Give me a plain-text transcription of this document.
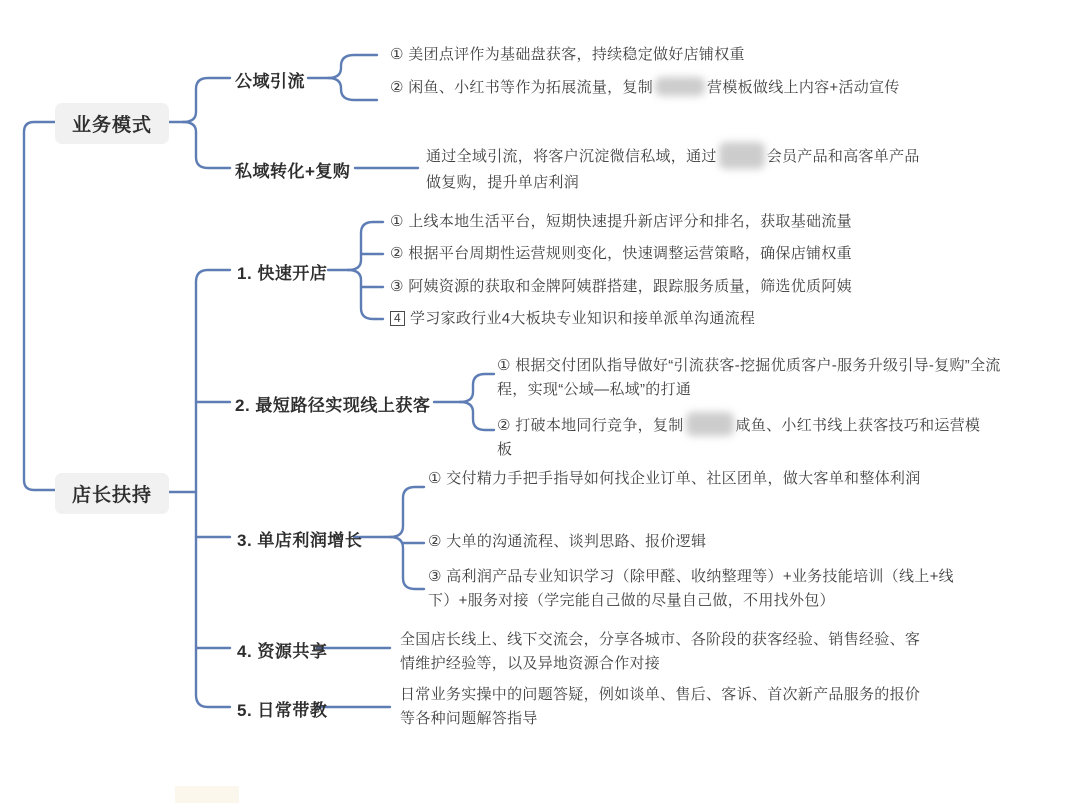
业务模式
店长扶持
公域引流
私域转化+复购
① 美团点评作为基础盘获客，持续稳定做好店铺权重
② 闲鱼、小红书等作为拓展流量，复制	营模板做线上内容+活动宣传
通过全域引流，将客户沉淀微信私域，通过	会员产品和高客单产品做复购，提升单店利润
1. 快速开店
2. 最短路径实现线上获客
3. 单店利润增长
4. 资源共享
5. 日常带教
① 上线本地生活平台，短期快速提升新店评分和排名，获取基础流量
② 根据平台周期性运营规则变化，快速调整运营策略，确保店铺权重
③ 阿姨资源的获取和金牌阿姨群搭建，跟踪服务质量，筛选优质阿姨
4 学习家政行业4大板块专业知识和接单派单沟通流程
① 根据交付团队指导做好“引流获客-挖掘优质客户-服务升级引导-复购”全流程，实现“公域—私域”的打通
② 打破本地同行竞争，复制	咸鱼、小红书线上获客技巧和运营模板
① 交付精力手把手指导如何找企业订单、社区团单，做大客单和整体利润
② 大单的沟通流程、谈判思路、报价逻辑
③ 高利润产品专业知识学习（除甲醛、收纳整理等）+业务技能培训（线上+线下）+服务对接（学完能自己做的尽量自己做，不用找外包）
全国店长线上、线下交流会，分享各城市、各阶段的获客经验、销售经验、客情维护经验等，以及异地资源合作对接
日常业务实操中的问题答疑，例如谈单、售后、客诉、首次新产品服务的报价等各种问题解答指导
